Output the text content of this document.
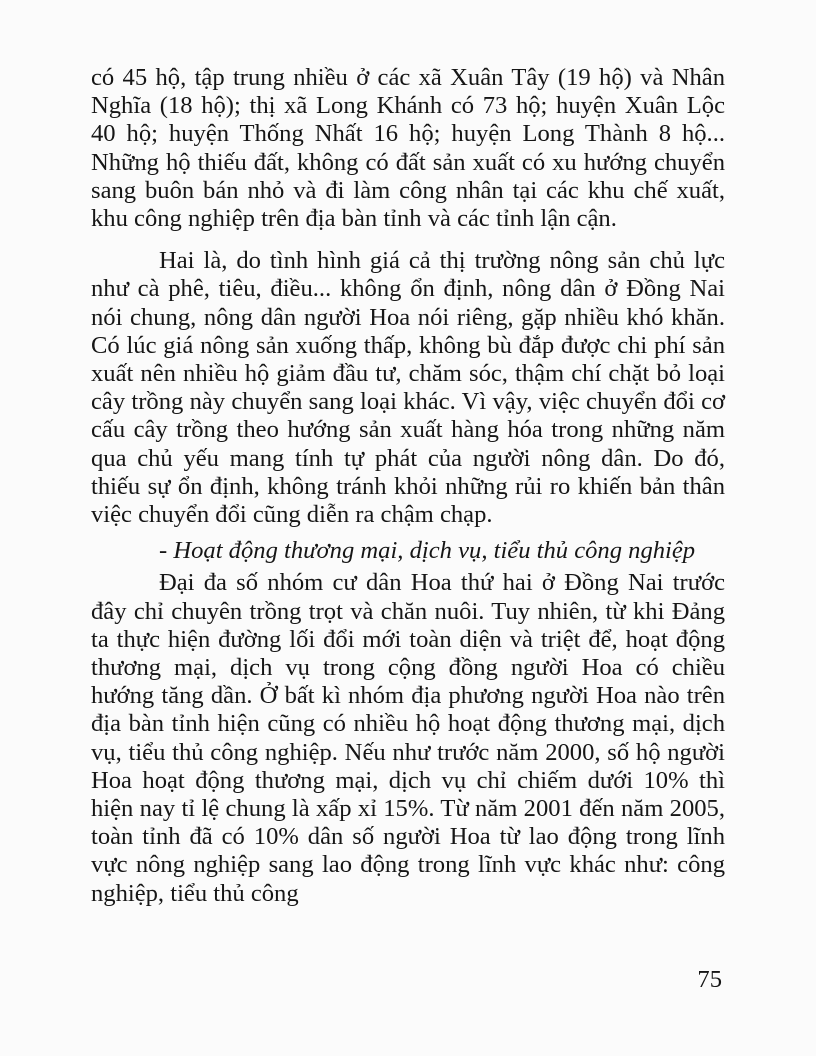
có 45 hộ, tập trung nhiều ở các xã Xuân Tây (19 hộ) và Nhân Nghĩa (18 hộ); thị xã Long Khánh có 73 hộ; huyện Xuân Lộc 40 hộ; huyện Thống Nhất 16 hộ; huyện Long Thành 8 hộ... Những hộ thiếu đất, không có đất sản xuất có xu hướng chuyển sang buôn bán nhỏ và đi làm công nhân tại các khu chế xuất, khu công nghiệp trên địa bàn tỉnh và các tỉnh lận cận.

Hai là, do tình hình giá cả thị trường nông sản chủ lực như cà phê, tiêu, điều... không ổn định, nông dân ở Đồng Nai nói chung, nông dân người Hoa nói riêng, gặp nhiều khó khăn. Có lúc giá nông sản xuống thấp, không bù đắp được chi phí sản xuất nên nhiều hộ giảm đầu tư, chăm sóc, thậm chí chặt bỏ loại cây trồng này chuyển sang loại khác. Vì vậy, việc chuyển đổi cơ cấu cây trồng theo hướng sản xuất hàng hóa trong những năm qua chủ yếu mang tính tự phát của người nông dân. Do đó, thiếu sự ổn định, không tránh khỏi những rủi ro khiến bản thân việc chuyển đổi cũng diễn ra chậm chạp.

- Hoạt động thương mại, dịch vụ, tiểu thủ công nghiệp

Đại đa số nhóm cư dân Hoa thứ hai ở Đồng Nai trước đây chỉ chuyên trồng trọt và chăn nuôi. Tuy nhiên, từ khi Đảng ta thực hiện đường lối đổi mới toàn diện và triệt để, hoạt động thương mại, dịch vụ trong cộng đồng người Hoa có chiều hướng tăng dần. Ở bất kì nhóm địa phương người Hoa nào trên địa bàn tỉnh hiện cũng có nhiều hộ hoạt động thương mại, dịch vụ, tiểu thủ công nghiệp. Nếu như trước năm 2000, số hộ người Hoa hoạt động thương mại, dịch vụ chỉ chiếm dưới 10% thì hiện nay tỉ lệ chung là xấp xỉ 15%. Từ năm 2001 đến năm 2005, toàn tỉnh đã có 10% dân số người Hoa từ lao động trong lĩnh vực nông nghiệp sang lao động trong lĩnh vực khác như: công nghiệp, tiểu thủ công

75
